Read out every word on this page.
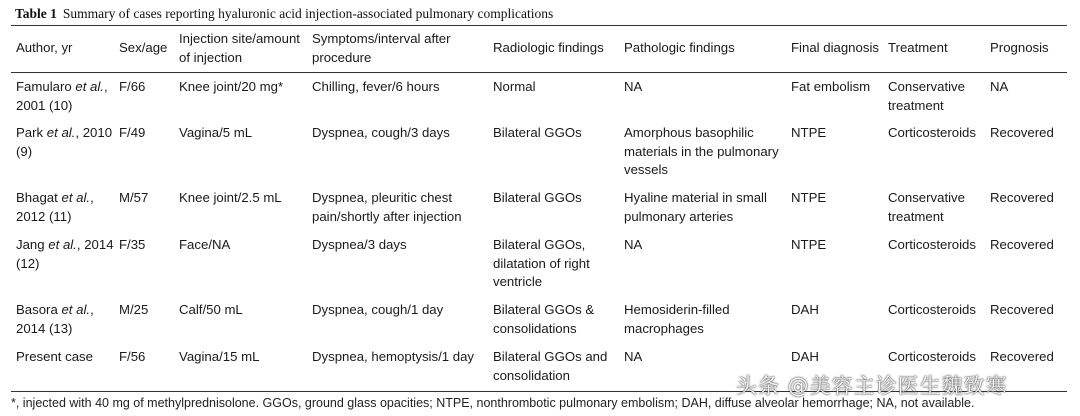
Table 1 Summary of cases reporting hyaluronic acid injection-associated pulmonary complications
Author, yr	Sex/age	Injection site/amount of injection	Symptoms/interval after procedure	Radiologic findings	Pathologic findings	Final diagnosis	Treatment	Prognosis
Famularo et al., 2001 (10)	F/66	Knee joint/20 mg*	Chilling, fever/6 hours	Normal	NA	Fat embolism	Conservative treatment	NA
Park et al., 2010 (9)	F/49	Vagina/5 mL	Dyspnea, cough/3 days	Bilateral GGOs	Amorphous basophilic materials in the pulmonary vessels	NTPE	Corticosteroids	Recovered
Bhagat et al., 2012 (11)	M/57	Knee joint/2.5 mL	Dyspnea, pleuritic chest pain/shortly after injection	Bilateral GGOs	Hyaline material in small pulmonary arteries	NTPE	Conservative treatment	Recovered
Jang et al., 2014 (12)	F/35	Face/NA	Dyspnea/3 days	Bilateral GGOs, dilatation of right ventricle	NA	NTPE	Corticosteroids	Recovered
Basora et al., 2014 (13)	M/25	Calf/50 mL	Dyspnea, cough/1 day	Bilateral GGOs & consolidations	Hemosiderin-filled macrophages	DAH	Corticosteroids	Recovered
Present case	F/56	Vagina/15 mL	Dyspnea, hemoptysis/1 day	Bilateral GGOs and consolidation	NA	DAH	Corticosteroids	Recovered
*, injected with 40 mg of methylprednisolone. GGOs, ground glass opacities; NTPE, nonthrombotic pulmonary embolism; DAH, diffuse alveolar hemorrhage; NA, not available.
头条 @美容主诊医生魏致寒
